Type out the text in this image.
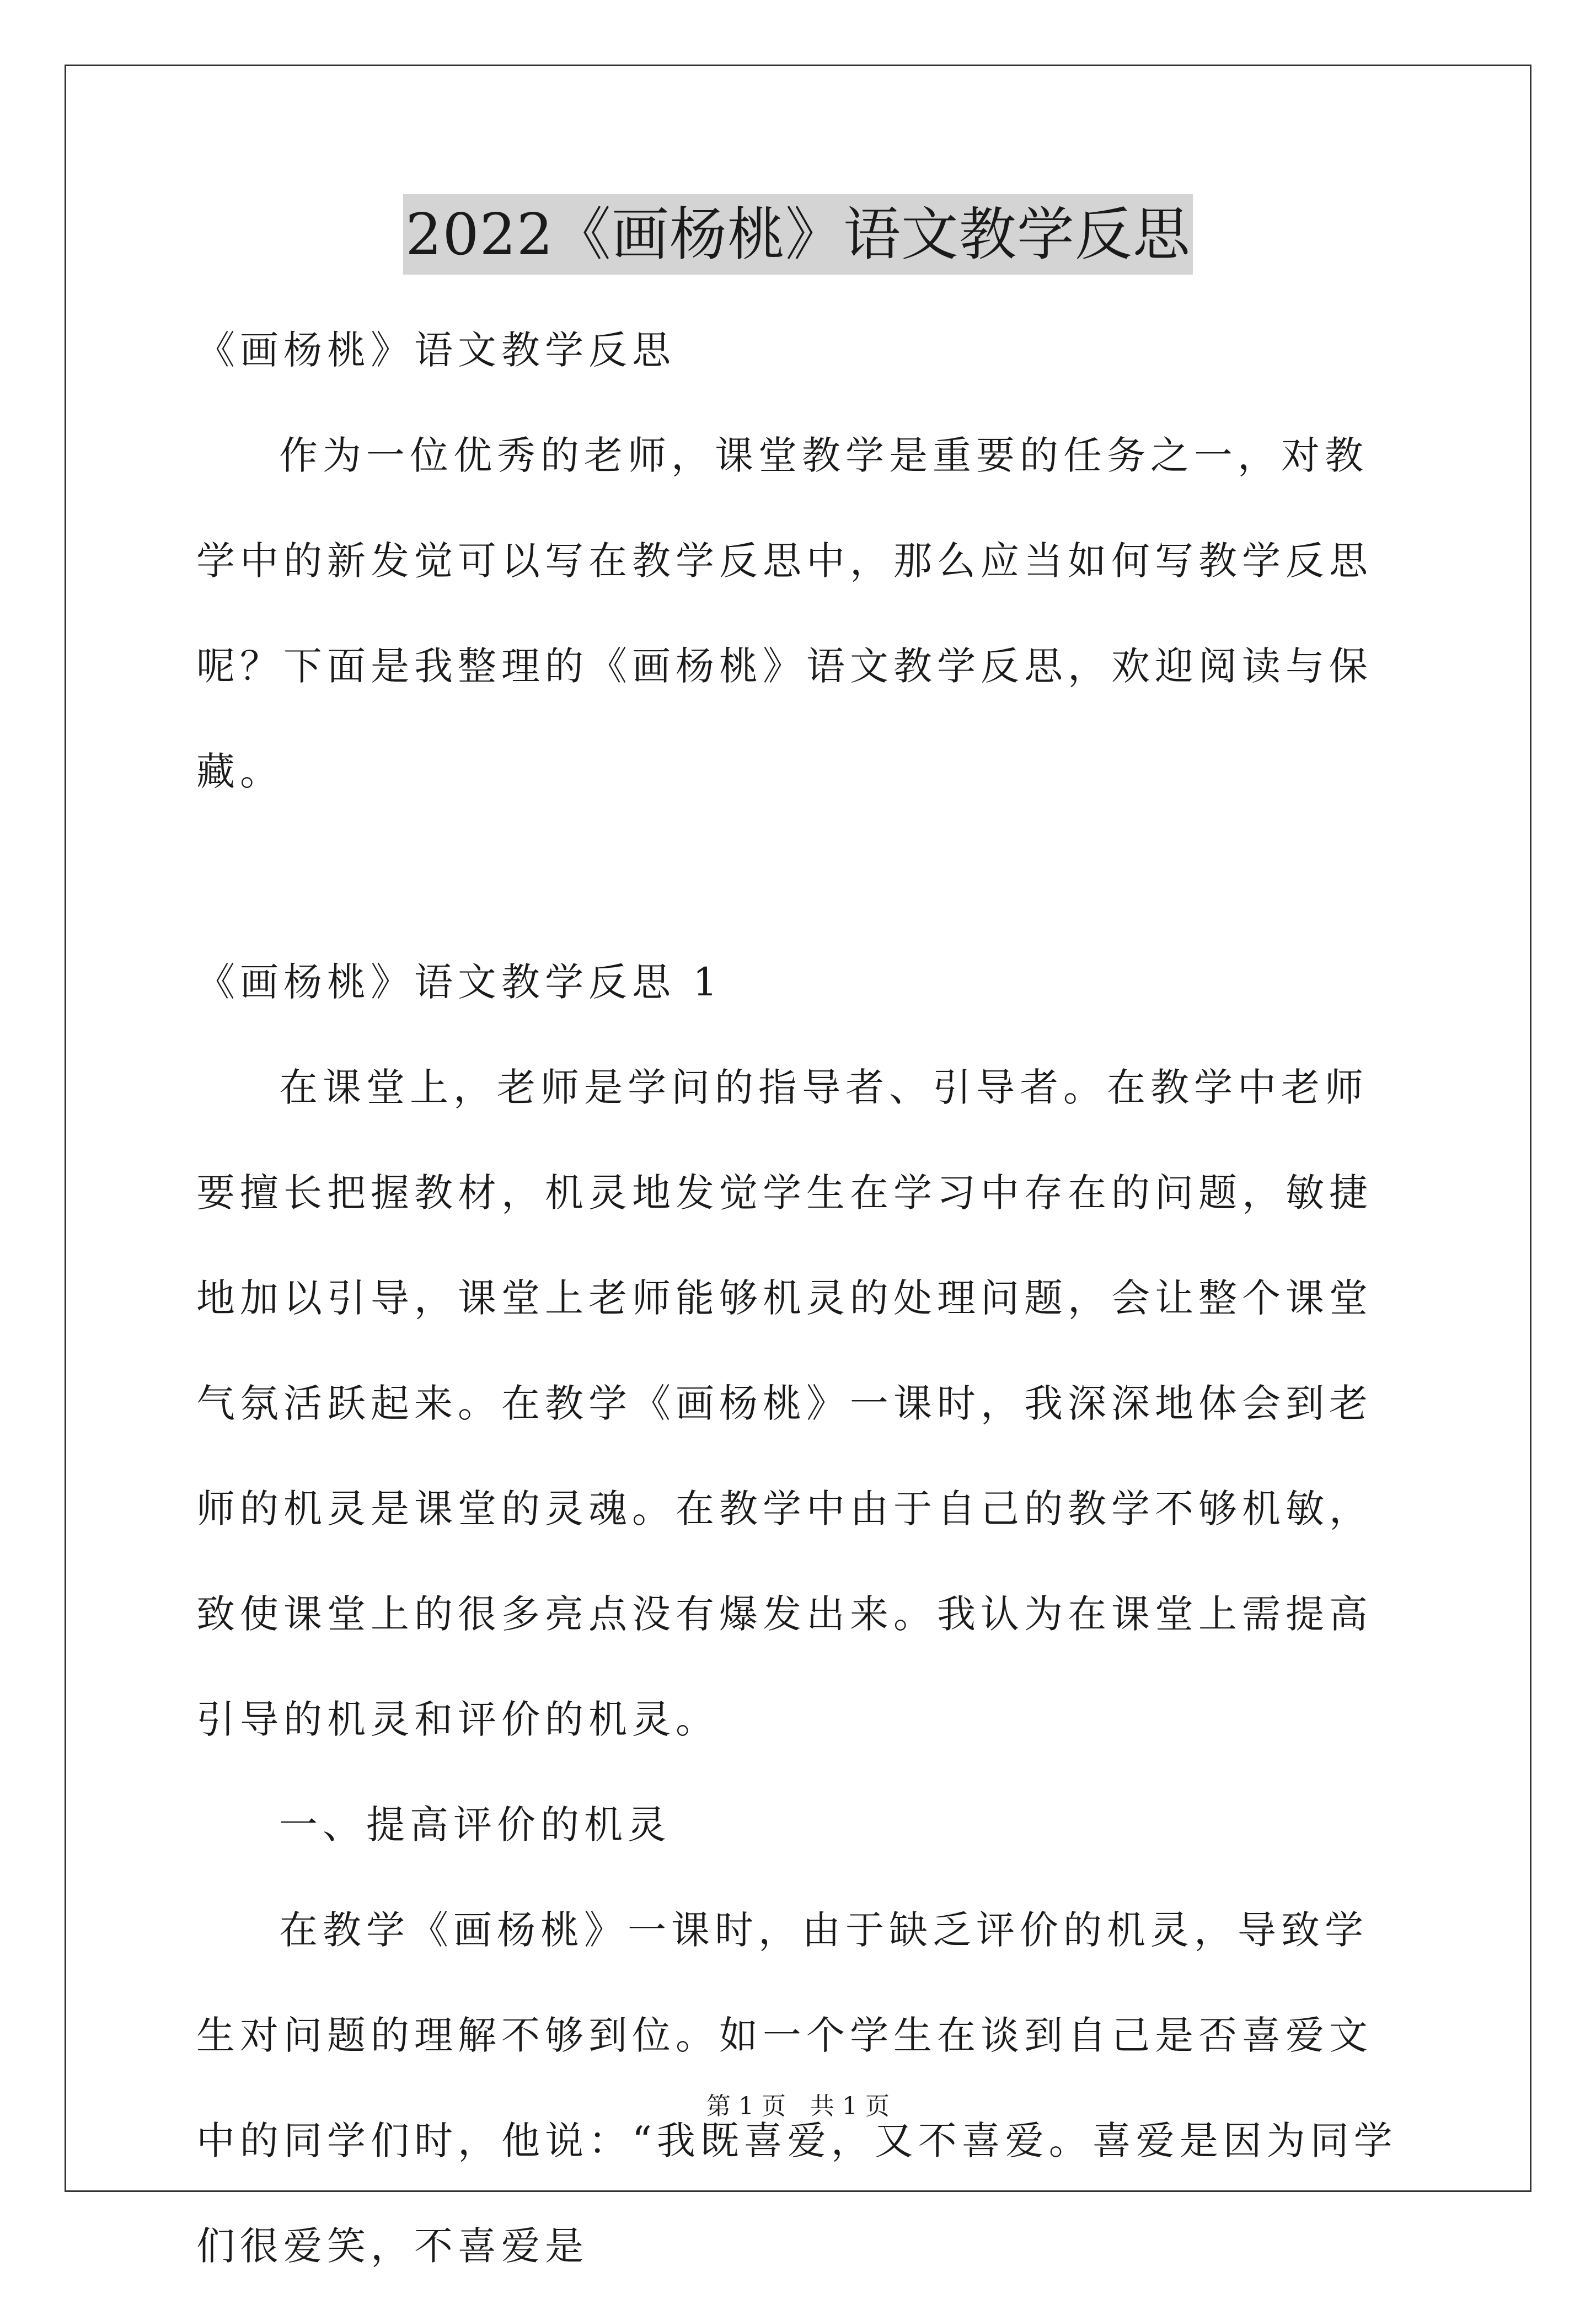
2022《画杨桃》语文教学反思

《画杨桃》语文教学反思

作为一位优秀的老师，课堂教学是重要的任务之一，对教学中的新发觉可以写在教学反思中，那么应当如何写教学反思呢？下面是我整理的《画杨桃》语文教学反思，欢迎阅读与保藏。

《画杨桃》语文教学反思 1

在课堂上，老师是学问的指导者、引导者。在教学中老师要擅长把握教材，机灵地发觉学生在学习中存在的问题，敏捷地加以引导，课堂上老师能够机灵的处理问题，会让整个课堂气氛活跃起来。在教学《画杨桃》一课时，我深深地体会到老师的机灵是课堂的灵魂。在教学中由于自己的教学不够机敏，致使课堂上的很多亮点没有爆发出来。我认为在课堂上需提高引导的机灵和评价的机灵。

一、提高评价的机灵

在教学《画杨桃》一课时，由于缺乏评价的机灵，导致学生对问题的理解不够到位。如一个学生在谈到自己是否喜爱文中的同学们时，他说：“我既喜爱，又不喜爱。喜爱是因为同学们很爱笑，不喜爱是

第 1 页　共 1 页
